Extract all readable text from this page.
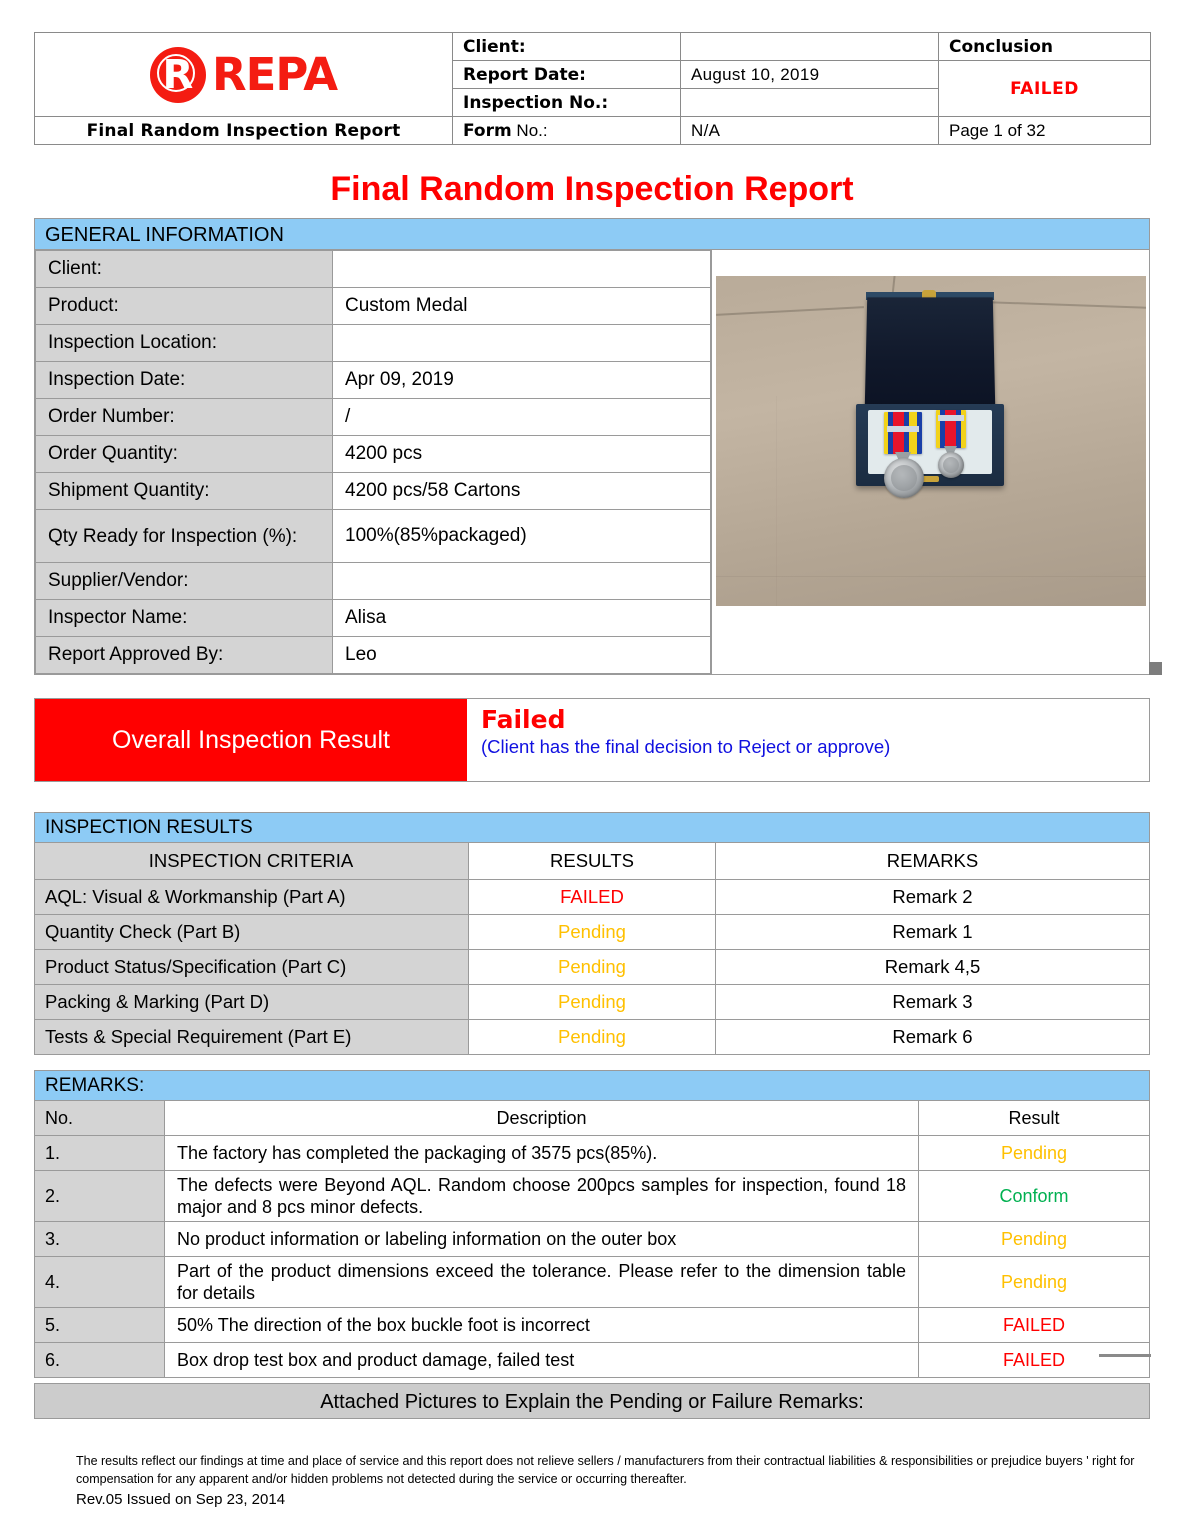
R REPA	Client:		Conclusion
	Report Date:	August 10, 2019	FAILED
	Inspection No.:		
Final Random Inspection Report	Form No.:	N/A	Page 1 of 32
Final Random Inspection Report
GENERAL INFORMATION
Client:	
Product:	Custom Medal
Inspection Location:	
Inspection Date:	Apr 09, 2019
Order Number:	/
Order Quantity:	4200 pcs
Shipment Quantity:	4200 pcs/58 Cartons
Qty Ready for Inspection (%):	100%(85%packaged)
Supplier/Vendor:	
Inspector Name:	Alisa
Report Approved By:	Leo
Overall Inspection Result
Failed
(Client has the final decision to Reject or approve)
INSPECTION RESULTS
INSPECTION CRITERIA	RESULTS	REMARKS
AQL: Visual & Workmanship (Part A)	FAILED	Remark 2
Quantity Check (Part B)	Pending	Remark 1
Product Status/Specification (Part C)	Pending	Remark 4,5
Packing & Marking (Part D)	Pending	Remark 3
Tests & Special Requirement (Part E)	Pending	Remark 6
REMARKS:
No.	Description	Result
1.	The factory has completed the packaging of 3575 pcs(85%).	Pending
2.	The defects were Beyond AQL. Random choose 200pcs samples for inspection, found 18 major and 8 pcs minor defects.	Conform
3.	No product information or labeling information on the outer box	Pending
4.	Part of the product dimensions exceed the tolerance. Please refer to the dimension table for details	Pending
5.	50% The direction of the box buckle foot is incorrect	FAILED
6.	Box drop test box and product damage, failed test	FAILED
Attached Pictures to Explain the Pending or Failure Remarks:
The results reflect our findings at time and place of service and this report does not relieve sellers / manufacturers from their contractual liabilities & responsibilities or prejudice buyers ' right for compensation for any apparent and/or hidden problems not detected during the service or occurring thereafter.
Rev.05 Issued on Sep 23, 2014
